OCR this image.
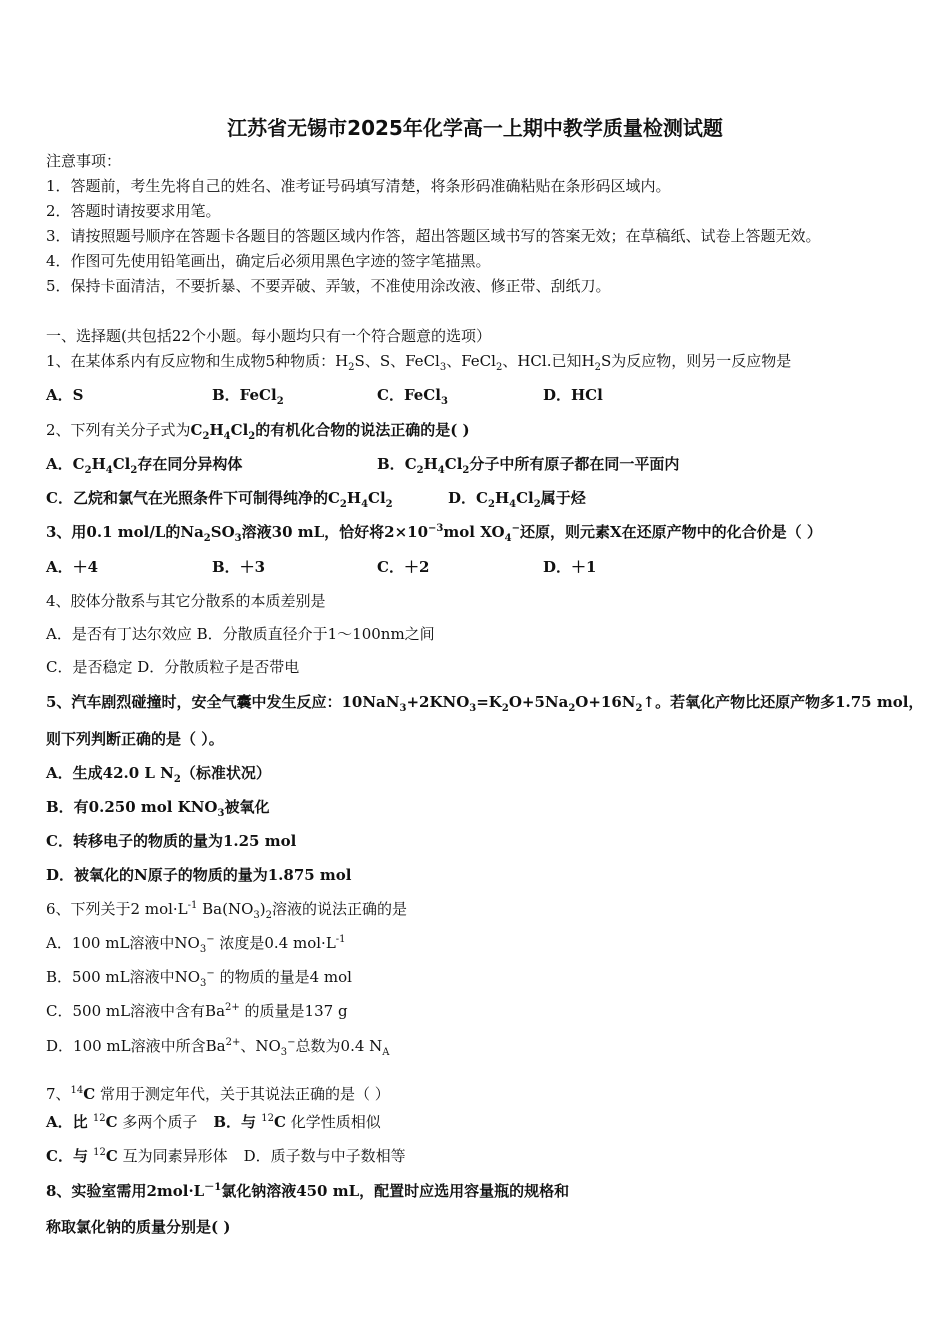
江苏省无锡市2025年化学高一上期中教学质量检测试题
注意事项：
1．答题前，考生先将自己的姓名、准考证号码填写清楚，将条形码准确粘贴在条形码区域内。
2．答题时请按要求用笔。
3．请按照题号顺序在答题卡各题目的答题区域内作答，超出答题区域书写的答案无效；在草稿纸、试卷上答题无效。
4．作图可先使用铅笔画出，确定后必须用黑色字迹的签字笔描黑。
5．保持卡面清洁，不要折暴、不要弄破、弄皱，不准使用涂改液、修正带、刮纸刀。
一、选择题(共包括22个小题。每小题均只有一个符合题意的选项）
1、在某体系内有反应物和生成物5种物质：$H_2S$、S、FeCl$_3$、FeCl$_2$、HCl.已知$H_2S$为反应物，则另一反应物是
A．S	B．FeCl$_2$	C．FeCl$_3$	D．HCl
2、下列有关分子式为$C_2H_4Cl_2$的有机化合物的说法正确的是( )
A．$C_2H_4Cl_2$存在同分异构体	B．$C_2H_4Cl_2$分子中所有原子都在同一平面内
C．乙烷和氯气在光照条件下可制得纯净的$C_2H_4Cl_2$	D．$C_2H_4Cl_2$属于烃
3、用0.1 mol/L的$Na_2SO_3$溶液30 mL，恰好将$2\times 10^{-3}mol$ $XO_4^-$还原，则元素X在还原产物中的化合价是（ ）
A．＋4	B．＋3	C．＋2	D．＋1
4、胶体分散系与其它分散系的本质差别是
A．是否有丁达尔效应 B．分散质直径介于1～100nm之间
C．是否稳定 D．分散质粒子是否带电
5、汽车剧烈碰撞时，安全气囊中发生反应：$10NaN_3+2KNO_3=K_2O+5Na_2O+16N_2↑$。若氧化产物比还原产物多1.75 mol，
则下列判断正确的是（ ）。
A．生成42.0 L $N_2$（标准状况）
B．有0.250 mol $KNO_3$被氧化
C．转移电子的物质的量为1.25 mol
D．被氧化的N原子的物质的量为1.875 mol
6、下列关于2 $mol\cdot L^{-1}$ $Ba(NO_3)_2$溶液的说法正确的是
A．100 mL溶液中$NO_3^-$ 浓度是0.4 $mol\cdot L^{-1}$
B．500 mL溶液中$NO_3^-$ 的物质的量是4 mol
C．500 mL溶液中含有$Ba^{2+}$ 的质量是137 g
D．100 mL溶液中所含$Ba^{2+}$、$NO_3^-$总数为0.4 $N_A$
7、$^{14}$C 常用于测定年代，关于其说法正确的是（ ）
A．比 $^{12}$C 多两个质子 B．与 $^{12}$C 化学性质相似
C．与 $^{12}$C 互为同素异形体 D．质子数与中子数相等
8、实验室需用$2mol\cdot L^{-1}$氯化钠溶液450 mL，配置时应选用容量瓶的规格和
称取氯化钠的质量分别是( )
